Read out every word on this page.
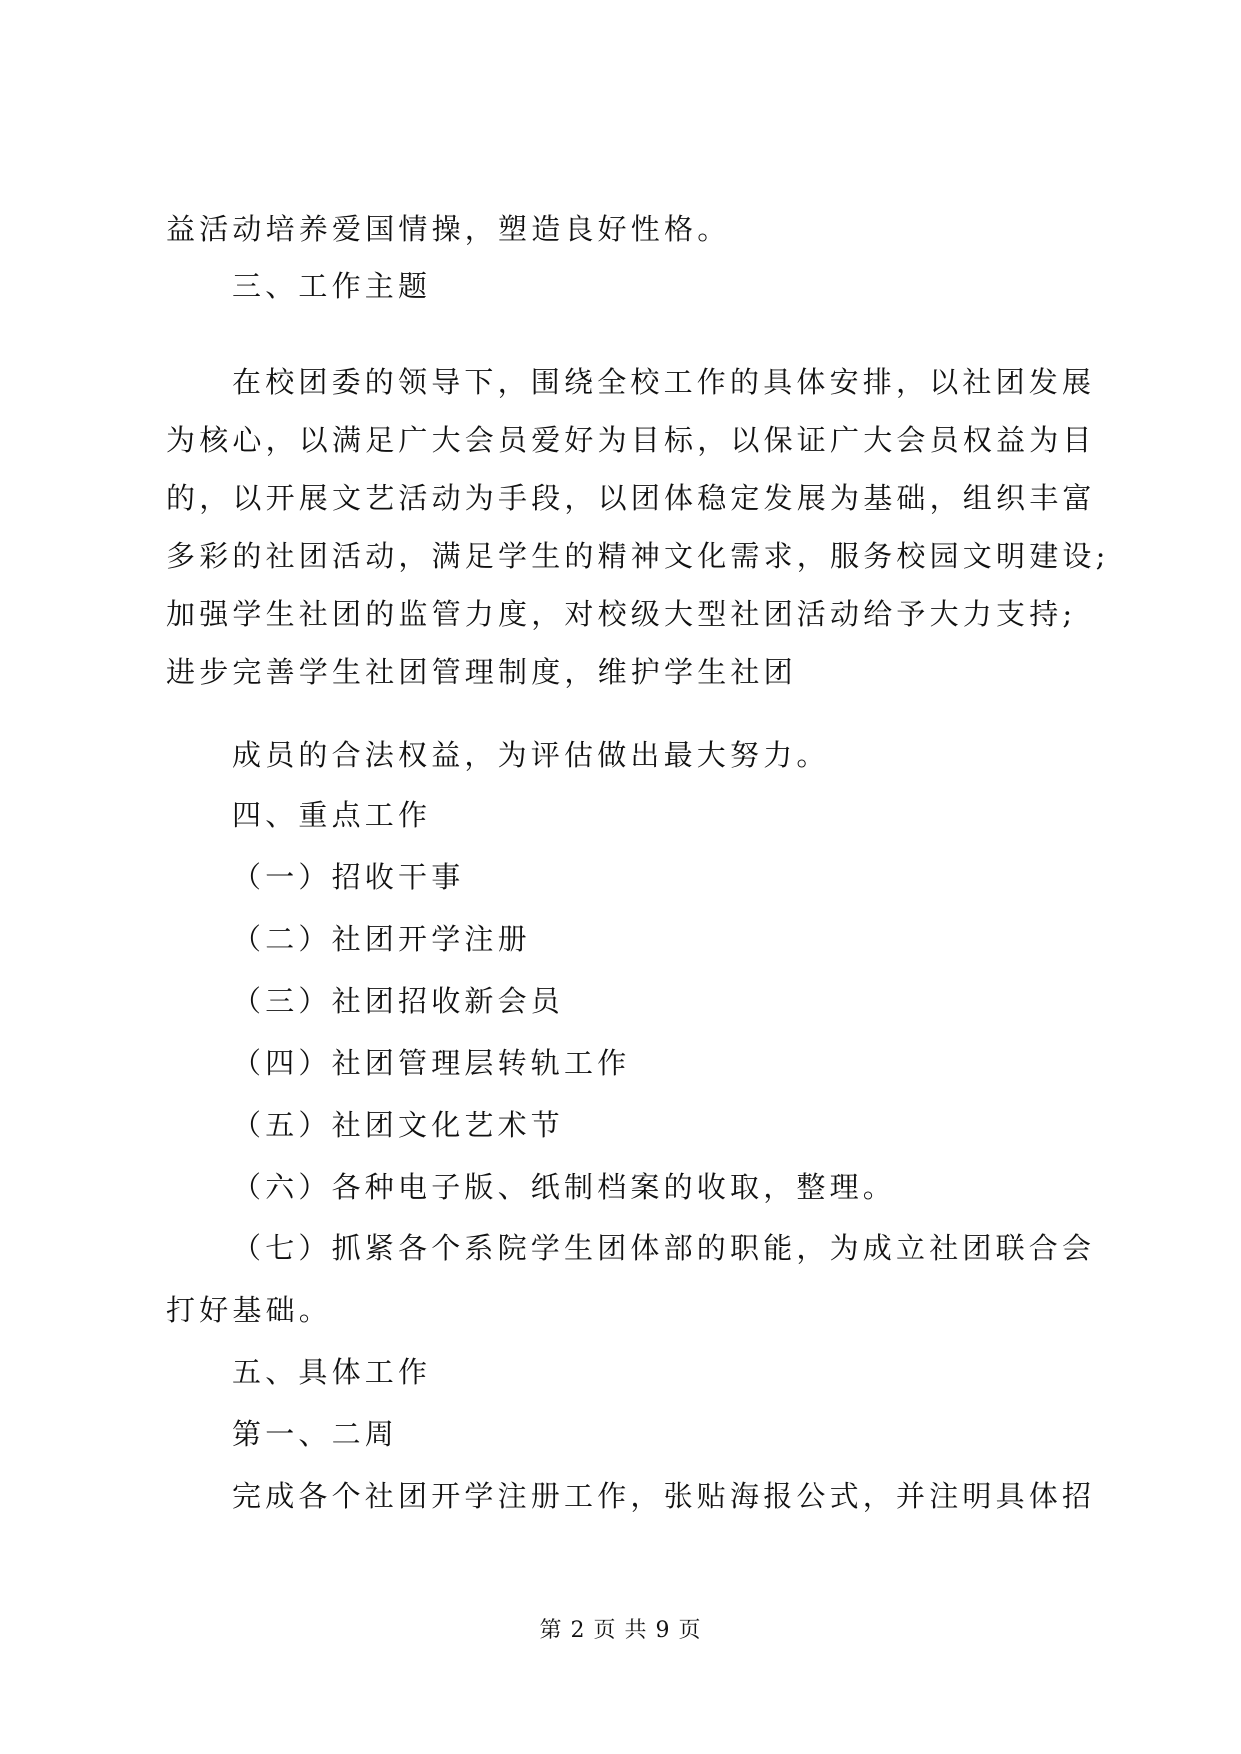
益活动培养爱国情操，塑造良好性格。
三、工作主题
在校团委的领导下，围绕全校工作的具体安排，以社团发展
为核心，以满足广大会员爱好为目标，以保证广大会员权益为目
的，以开展文艺活动为手段，以团体稳定发展为基础，组织丰富
多彩的社团活动，满足学生的精神文化需求，服务校园文明建设;
加强学生社团的监管力度，对校级大型社团活动给予大力支持;
进步完善学生社团管理制度，维护学生社团
成员的合法权益，为评估做出最大努力。
四、重点工作
（一）招收干事
（二）社团开学注册
（三）社团招收新会员
（四）社团管理层转轨工作
（五）社团文化艺术节
（六）各种电子版、纸制档案的收取，整理。
（七）抓紧各个系院学生团体部的职能，为成立社团联合会
打好基础。
五、具体工作
第一、二周
完成各个社团开学注册工作，张贴海报公式，并注明具体招
第 2 页 共 9 页
